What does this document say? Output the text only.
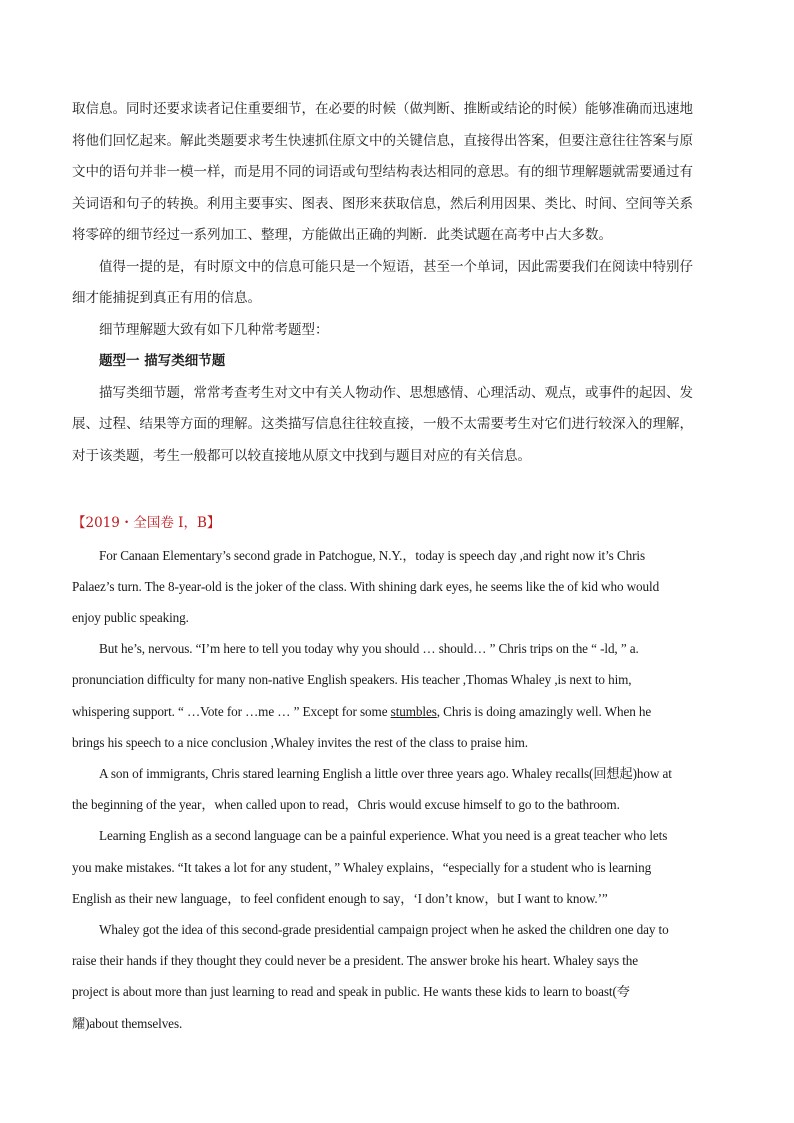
取信息。同时还要求读者记住重要细节，在必要的时候（做判断、推断或结论的时候）能够准确而迅速地
将他们回忆起来。解此类题要求考生快速抓住原文中的关键信息，直接得出答案，但要注意往往答案与原
文中的语句并非一模一样，而是用不同的词语或句型结构表达相同的意思。有的细节理解题就需要通过有
关词语和句子的转换。利用主要事实、图表、图形来获取信息，然后利用因果、类比、时间、空间等关系
将零碎的细节经过一系列加工、整理，方能做出正确的判断．此类试题在高考中占大多数。

值得一提的是，有时原文中的信息可能只是一个短语，甚至一个单词，因此需要我们在阅读中特别仔
细才能捕捉到真正有用的信息。

细节理解题大致有如下几种常考题型：

题型一 描写类细节题

描写类细节题，常常考查考生对文中有关人物动作、思想感情、心理活动、观点，或事件的起因、发
展、过程、结果等方面的理解。这类描写信息往往较直接，一般不太需要考生对它们进行较深入的理解，
对于该类题，考生一般都可以较直接地从原文中找到与题目对应的有关信息。

【2019・全国卷 I，B】

For Canaan Elementary’s second grade in Patchogue, N.Y.，today is speech day ,and right now it’s Chris
Palaez’s turn. The 8-year-old is the joker of the class. With shining dark eyes, he seems like the of kid who would
enjoy public speaking.

But he’s, nervous. “I’m here to tell you today why you should … should… ” Chris trips on the “ -ld, ” a.
pronunciation difficulty for many non-native English speakers. His teacher ,Thomas Whaley ,is next to him,
whispering support. “ …Vote for …me … ” Except for some stumbles, Chris is doing amazingly well. When he
brings his speech to a nice conclusion ,Whaley invites the rest of the class to praise him.

A son of immigrants, Chris stared learning English a little over three years ago. Whaley recalls(回想起)how at
the beginning of the year，when called upon to read，Chris would excuse himself to go to the bathroom.

Learning English as a second language can be a painful experience. What you need is a great teacher who lets
you make mistakes. “It takes a lot for any student，” Whaley explains，“especially for a student who is learning
English as their new language，to feel confident enough to say，‘I don’t know，but I want to know.’”

Whaley got the idea of this second-grade presidential campaign project when he asked the children one day to
raise their hands if they thought they could never be a president. The answer broke his heart. Whaley says the
project is about more than just learning to read and speak in public. He wants these kids to learn to boast(夸
耀)about themselves.
